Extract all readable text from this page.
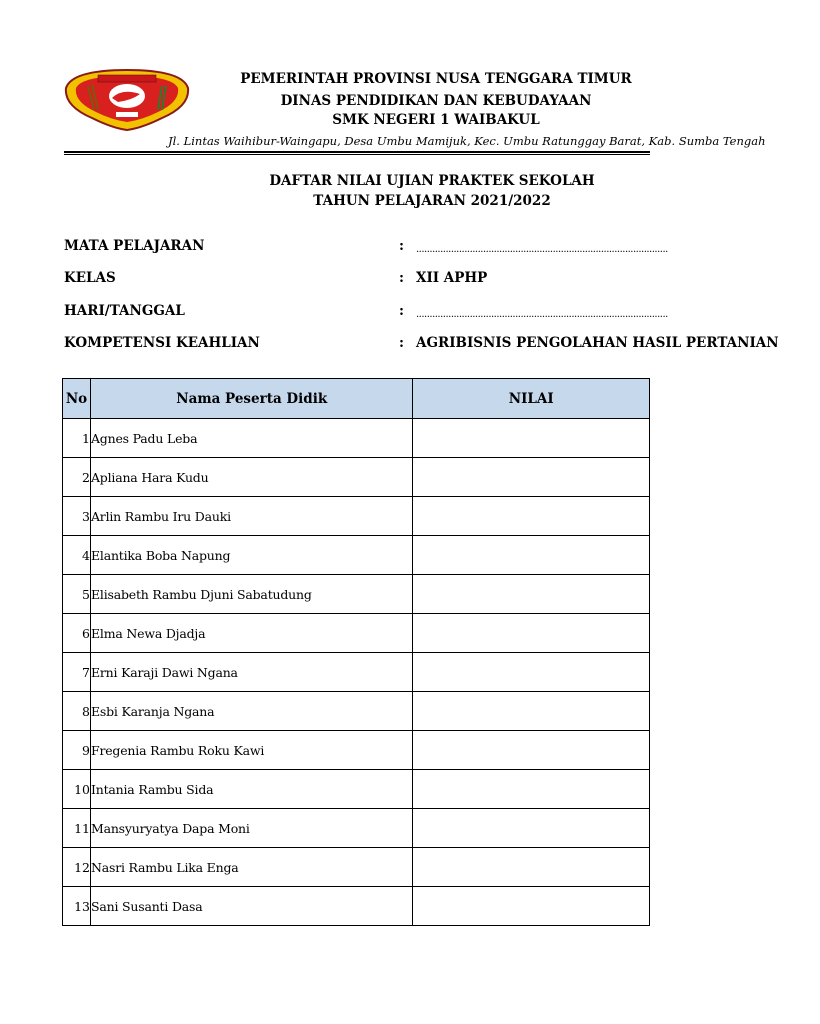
PEMERINTAH PROVINSI NUSA TENGGARA TIMUR
DINAS PENDIDIKAN DAN KEBUDAYAAN
SMK NEGERI 1 WAIBAKUL
Jl. Lintas Waihibur-Waingapu, Desa Umbu Mamijuk, Kec. Umbu Ratunggay Barat, Kab. Sumba Tengah
DAFTAR NILAI UJIAN PRAKTEK SEKOLAH
TAHUN PELAJARAN 2021/2022
MATA PELAJARAN	: ..............................................................................................
KELAS	: XII APHP
HARI/TANGGAL	: ..............................................................................................
KOMPETENSI KEAHLIAN	: AGRIBISNIS PENGOLAHAN HASIL PERTANIAN
No	Nama Peserta Didik	NILAI
1	Agnes Padu Leba	
2	Apliana Hara Kudu	
3	Arlin Rambu Iru Dauki	
4	Elantika Boba Napung	
5	Elisabeth Rambu Djuni Sabatudung	
6	Elma Newa Djadja	
7	Erni Karaji Dawi Ngana	
8	Esbi Karanja Ngana	
9	Fregenia Rambu Roku Kawi	
10	Intania Rambu Sida	
11	Mansyuryatya Dapa Moni	
12	Nasri Rambu Lika Enga	
13	Sani Susanti Dasa	
